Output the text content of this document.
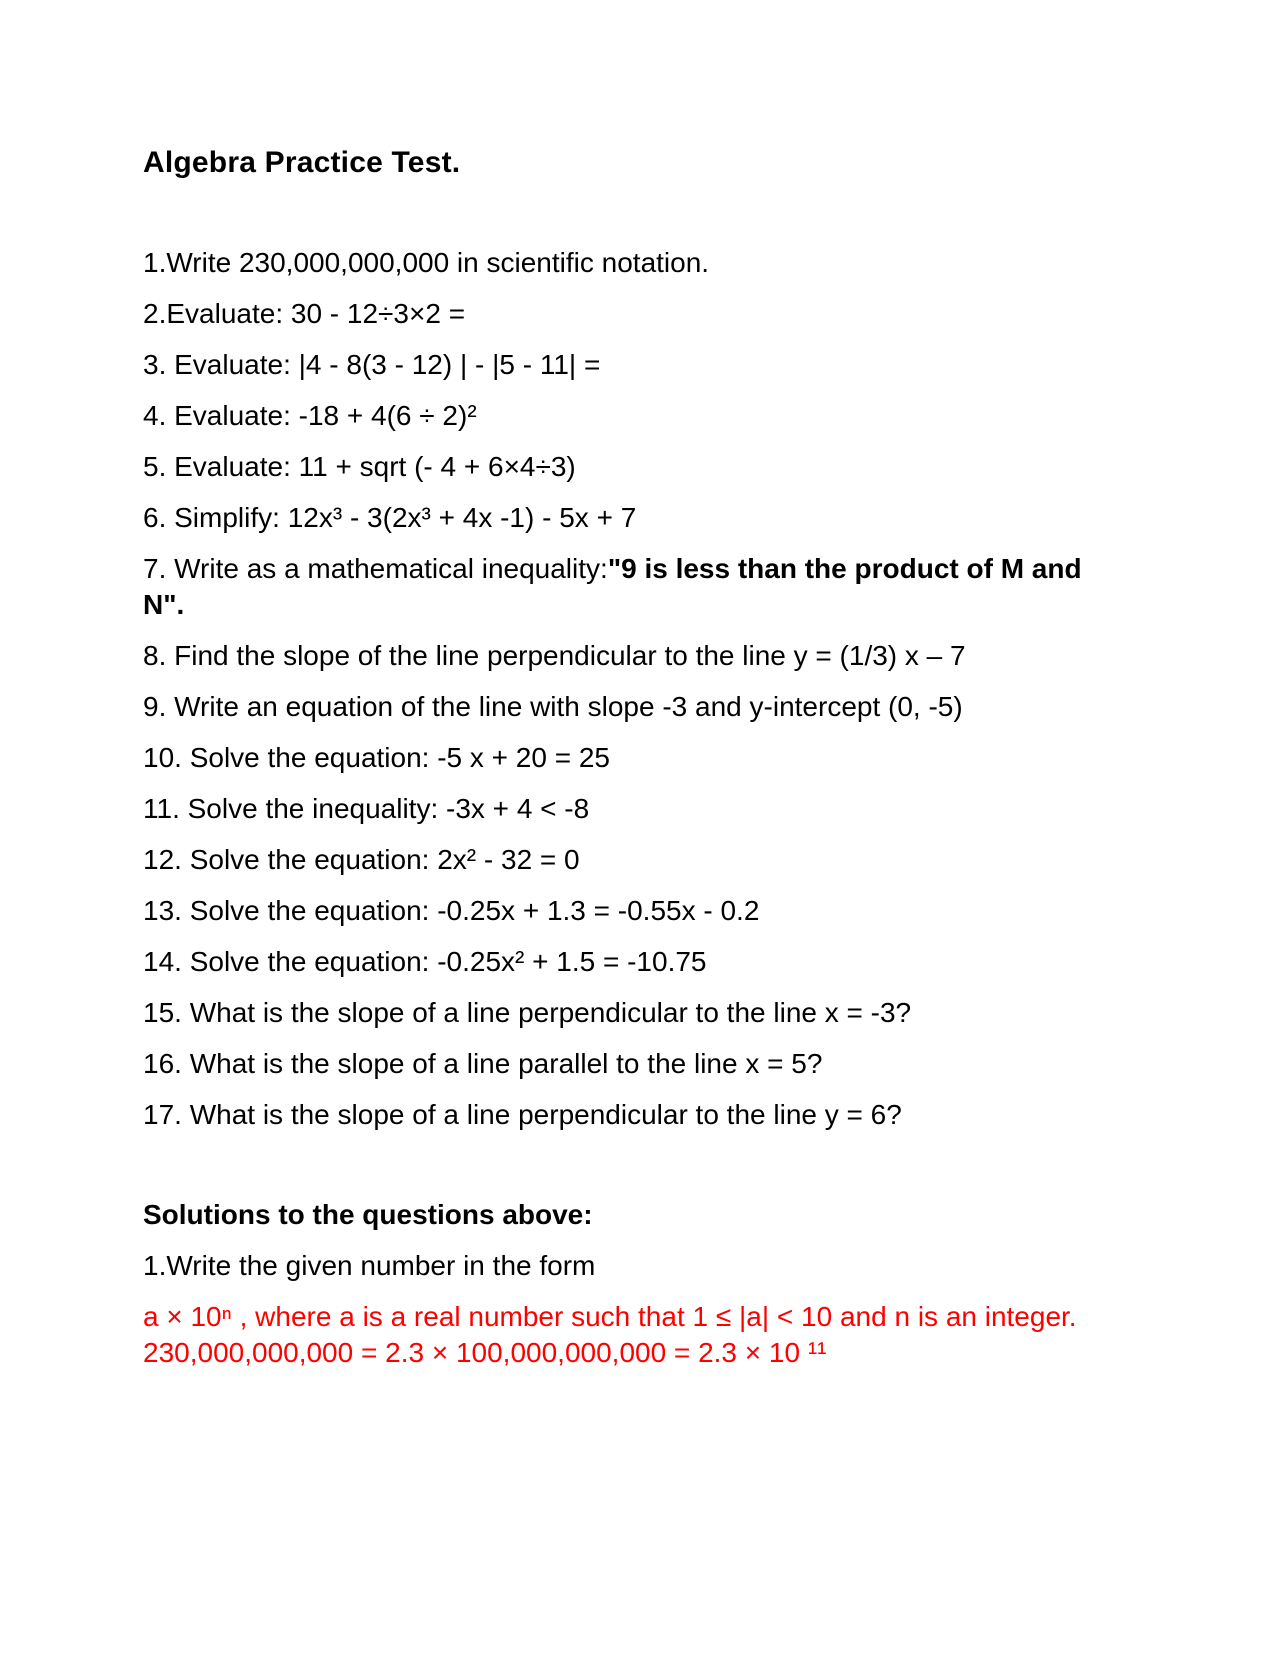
Algebra Practice Test.

1.Write 230,000,000,000 in scientific notation.

2.Evaluate: 30 - 12÷3×2 =

3. Evaluate: |4 - 8(3 - 12) | - |5 - 11| =

4. Evaluate: -18 + 4(6 ÷ 2)²

5. Evaluate: 11 + sqrt (- 4 + 6×4÷3)

6. Simplify: 12x³ - 3(2x³ + 4x -1) - 5x + 7

7. Write as a mathematical inequality:"9 is less than the product of M and
N".

8. Find the slope of the line perpendicular to the line y = (1/3) x – 7

9. Write an equation of the line with slope -3 and y-intercept (0, -5)

10. Solve the equation: -5 x + 20 = 25

11. Solve the inequality: -3x + 4 < -8

12. Solve the equation: 2x² - 32 = 0

13. Solve the equation: -0.25x + 1.3 = -0.55x - 0.2

14. Solve the equation: -0.25x² + 1.5 = -10.75

15. What is the slope of a line perpendicular to the line x = -3?

16. What is the slope of a line parallel to the line x = 5?

17. What is the slope of a line perpendicular to the line y = 6?

Solutions to the questions above:

1.Write the given number in the form

a × 10ⁿ , where a is a real number such that 1 ≤ |a| < 10 and n is an integer.
230,000,000,000 = 2.3 × 100,000,000,000 = 2.3 × 10 ¹¹
